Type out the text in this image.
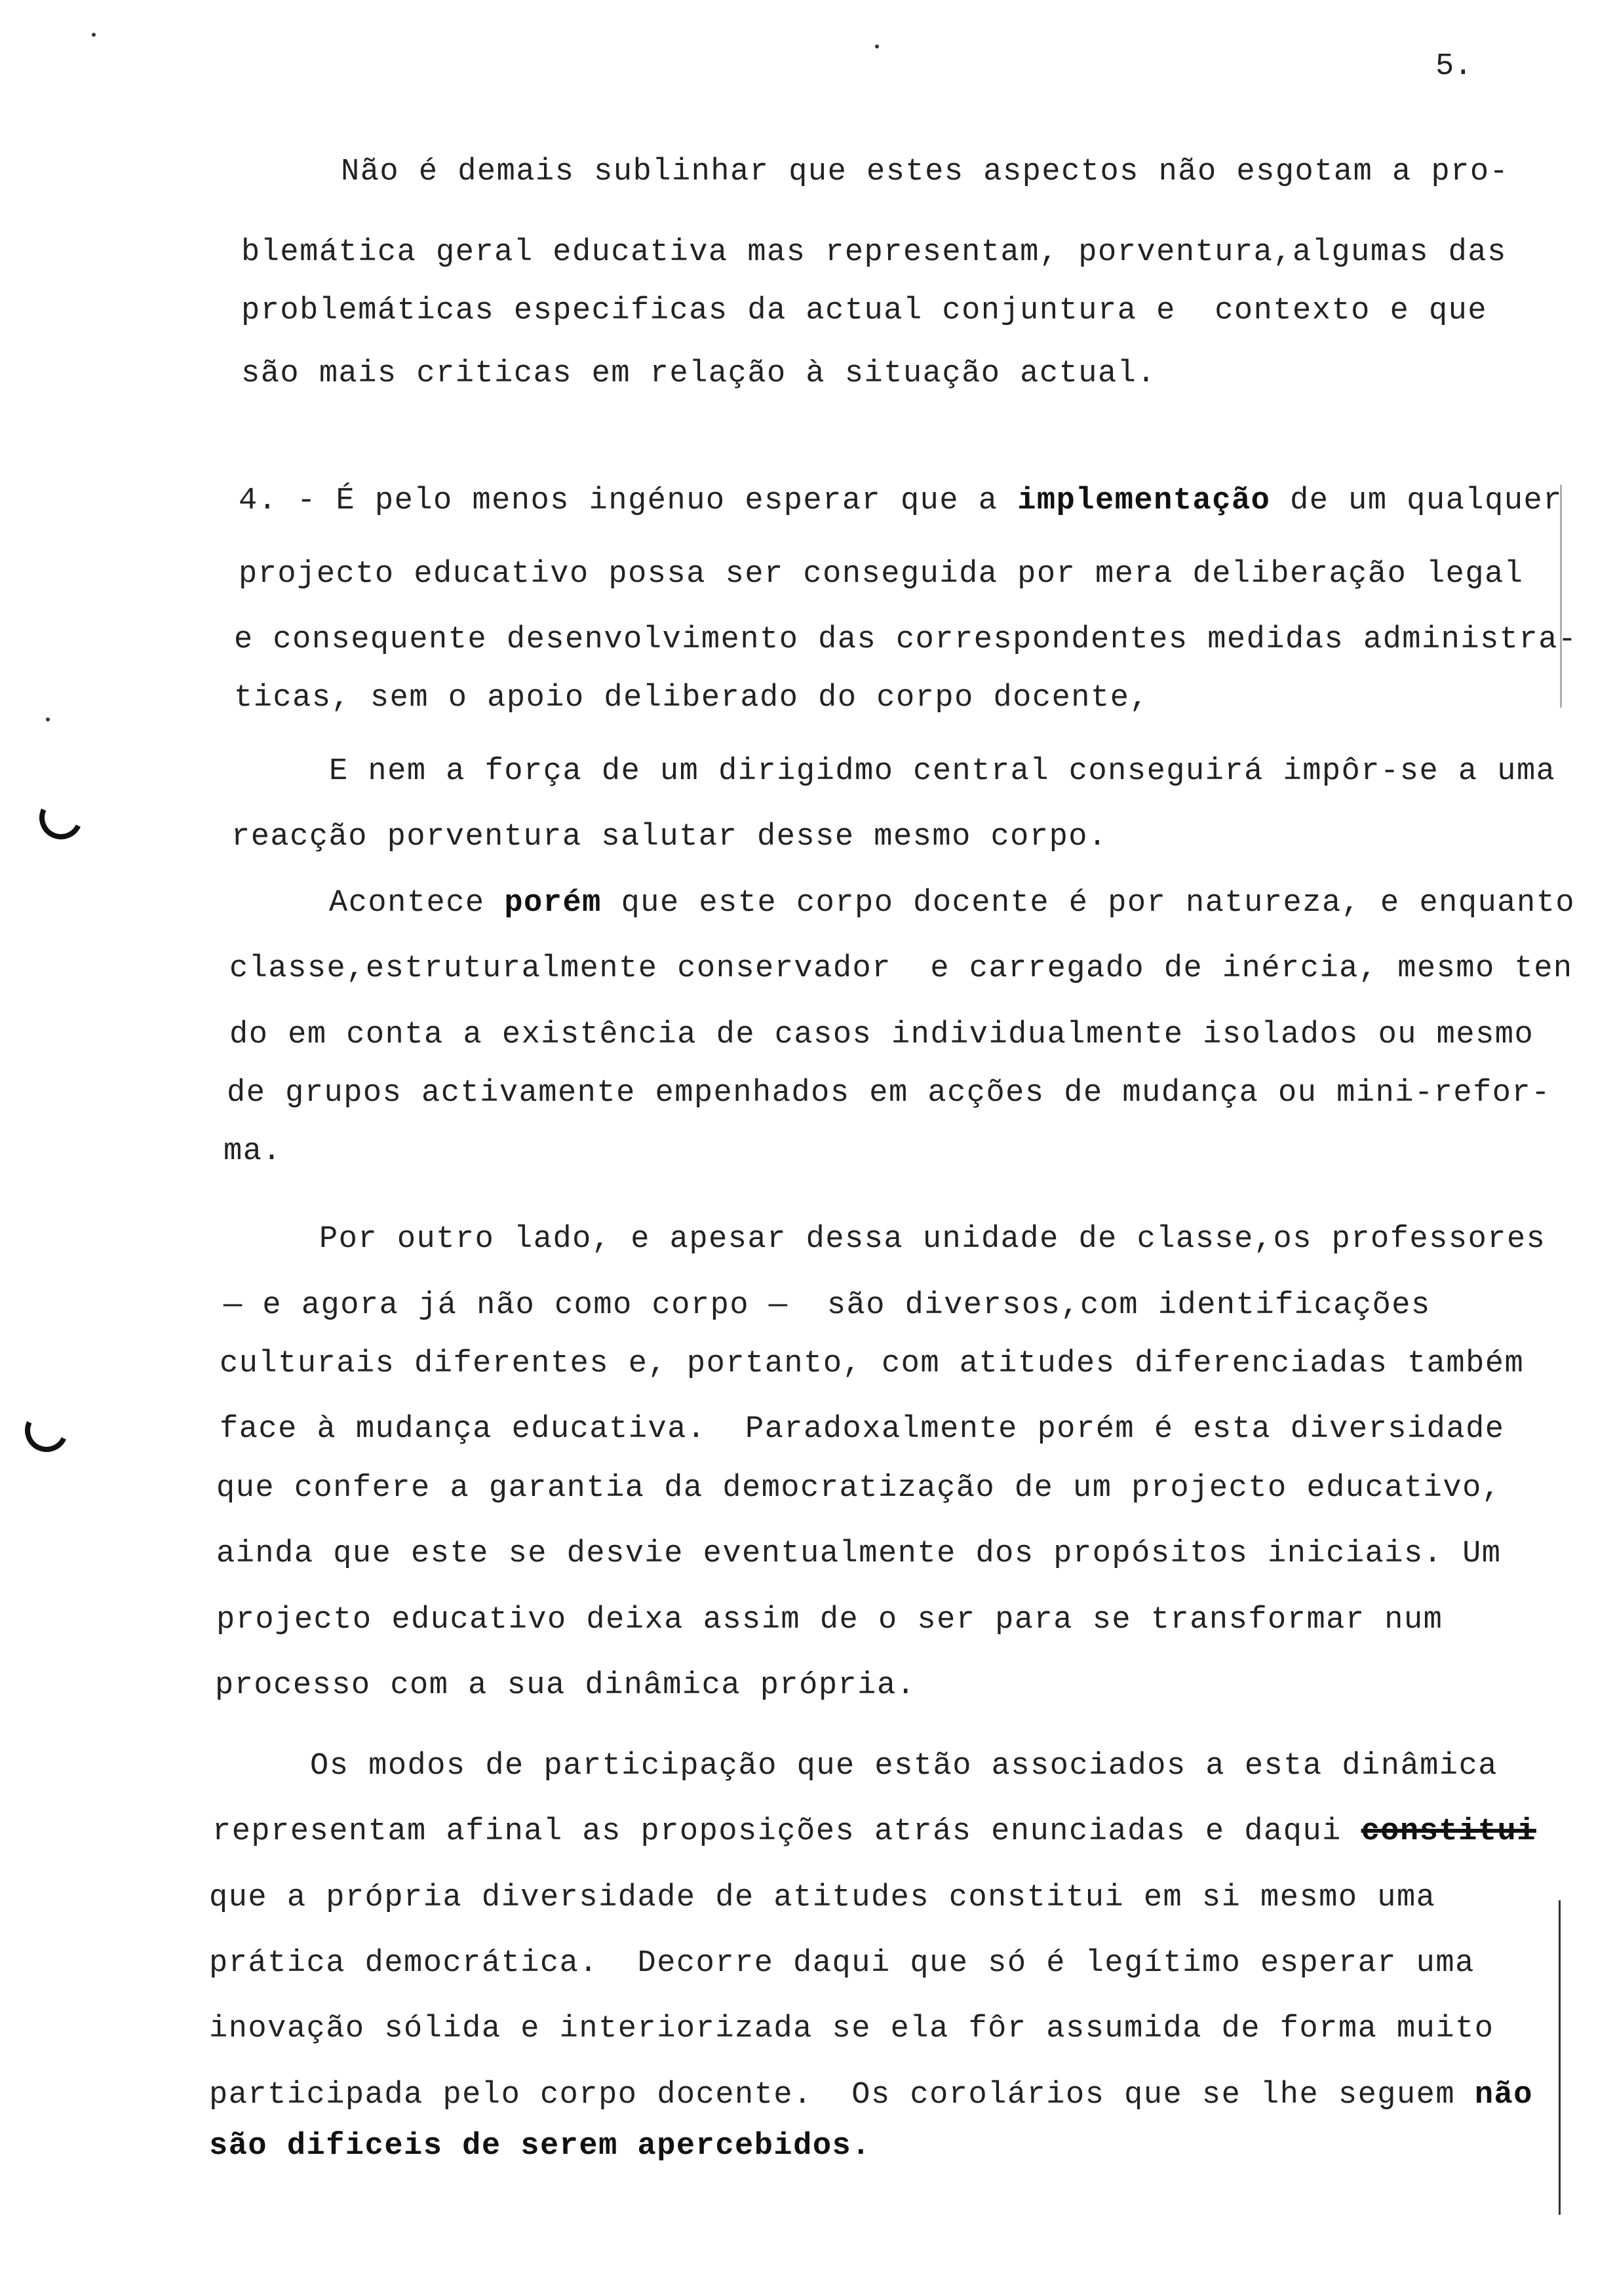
5.
Não é demais sublinhar que estes aspectos não esgotam a pro-
blemática geral educativa mas representam, porventura,algumas das
problemáticas especificas da actual conjuntura e  contexto e que
são mais criticas em relação à situação actual.
4. - É pelo menos ingénuo esperar que a implementação de um qualquer
projecto educativo possa ser conseguida por mera deliberação legal
e consequente desenvolvimento das correspondentes medidas administra-
ticas, sem o apoio deliberado do corpo docente,
E nem a força de um dirigidmo central conseguirá impôr-se a uma
reacção porventura salutar desse mesmo corpo.
Acontece porém que este corpo docente é por natureza, e enquanto
classe,estruturalmente conservador  e carregado de inércia, mesmo ten
do em conta a existência de casos individualmente isolados ou mesmo
de grupos activamente empenhados em acções de mudança ou mini-refor-
ma.
Por outro lado, e apesar dessa unidade de classe,os professores
— e agora já não como corpo —  são diversos,com identificações
culturais diferentes e, portanto, com atitudes diferenciadas também
face à mudança educativa.  Paradoxalmente porém é esta diversidade
que confere a garantia da democratização de um projecto educativo,
ainda que este se desvie eventualmente dos propósitos iniciais. Um
projecto educativo deixa assim de o ser para se transformar num
processo com a sua dinâmica própria.
Os modos de participação que estão associados a esta dinâmica
representam afinal as proposições atrás enunciadas e daqui constitui
que a própria diversidade de atitudes constitui em si mesmo uma
prática democrática.  Decorre daqui que só é legítimo esperar uma
inovação sólida e interiorizada se ela fôr assumida de forma muito
participada pelo corpo docente.  Os corolários que se lhe seguem não
são dificeis de serem apercebidos.
